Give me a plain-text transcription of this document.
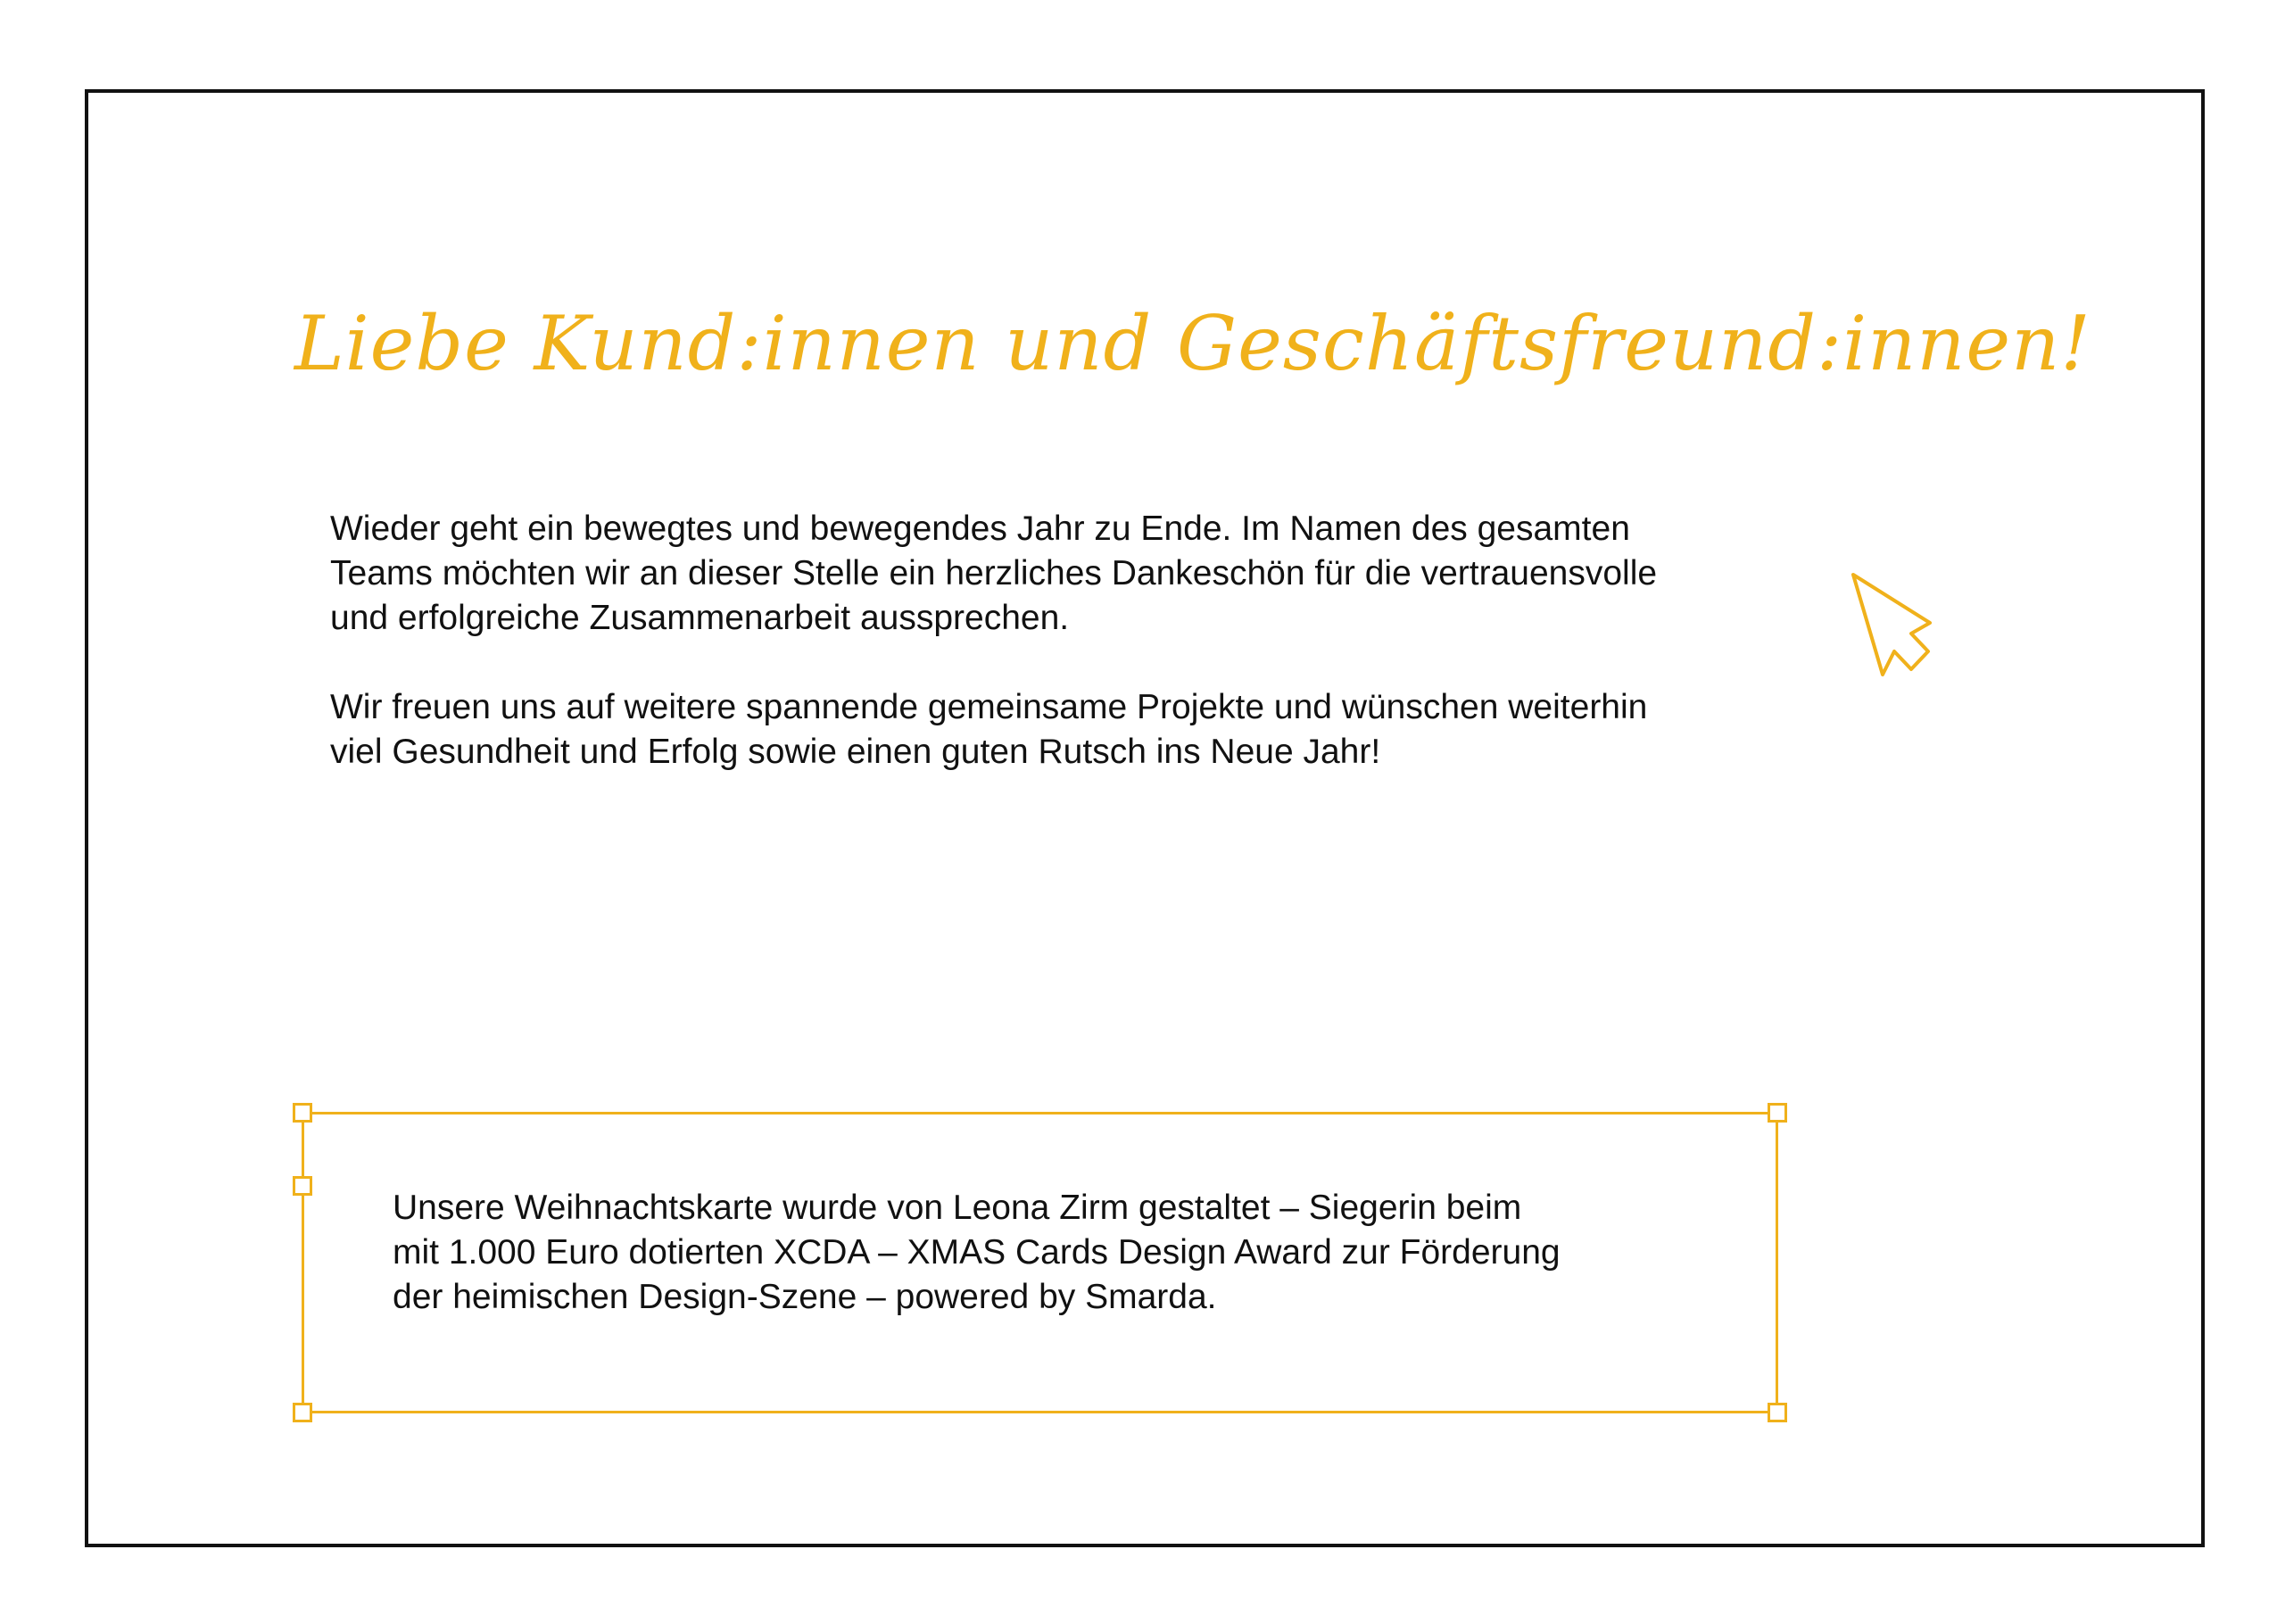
Liebe Kund:innen und Geschäftsfreund:innen!

Wieder geht ein bewegtes und bewegendes Jahr zu Ende. Im Namen des gesamten
Teams möchten wir an dieser Stelle ein herzliches Dankeschön für die vertrauensvolle
und erfolgreiche Zusammenarbeit aussprechen.

Wir freuen uns auf weitere spannende gemeinsame Projekte und wünschen weiterhin
viel Gesundheit und Erfolg sowie einen guten Rutsch ins Neue Jahr!

Unsere Weihnachtskarte wurde von Leona Zirm gestaltet – Siegerin beim
mit 1.000 Euro dotierten XCDA – XMAS Cards Design Award zur Förderung
der heimischen Design-Szene – powered by Smarda.
